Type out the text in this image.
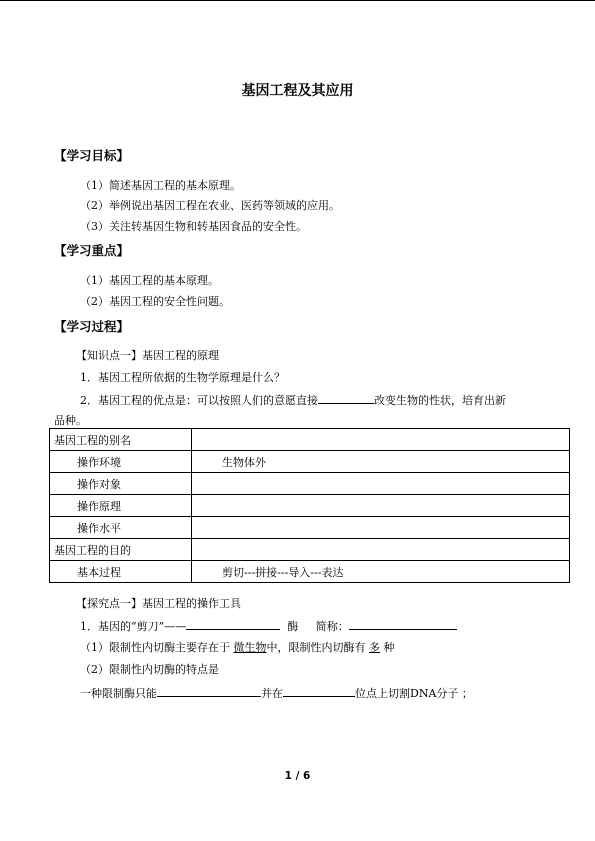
基因工程及其应用
【学习目标】
（1）简述基因工程的基本原理。
（2）举例说出基因工程在农业、医药等领域的应用。
（3）关注转基因生物和转基因食品的安全性。
【学习重点】
（1）基因工程的基本原理。
（2）基因工程的安全性问题。
【学习过程】
【知识点一】基因工程的原理
1．基因工程所依据的生物学原理是什么？
2．基因工程的优点是：可以按照人们的意愿直接	改变生物的性状，培育出新
品种。
基因工程的别名	
操作环境	生物体外
操作对象	
操作原理	
操作水平	
基因工程的目的	
基本过程	剪切---拼接---导入---表达
【探究点一】基因工程的操作工具
1．基因的“剪刀”——	酶 简称：
（1）限制性内切酶主要存在于 微生物中，限制性内切酶有 多 种
（2）限制性内切酶的特点是
一种限制酶只能	并在	位点上切割DNA分子 ；
1 / 6
